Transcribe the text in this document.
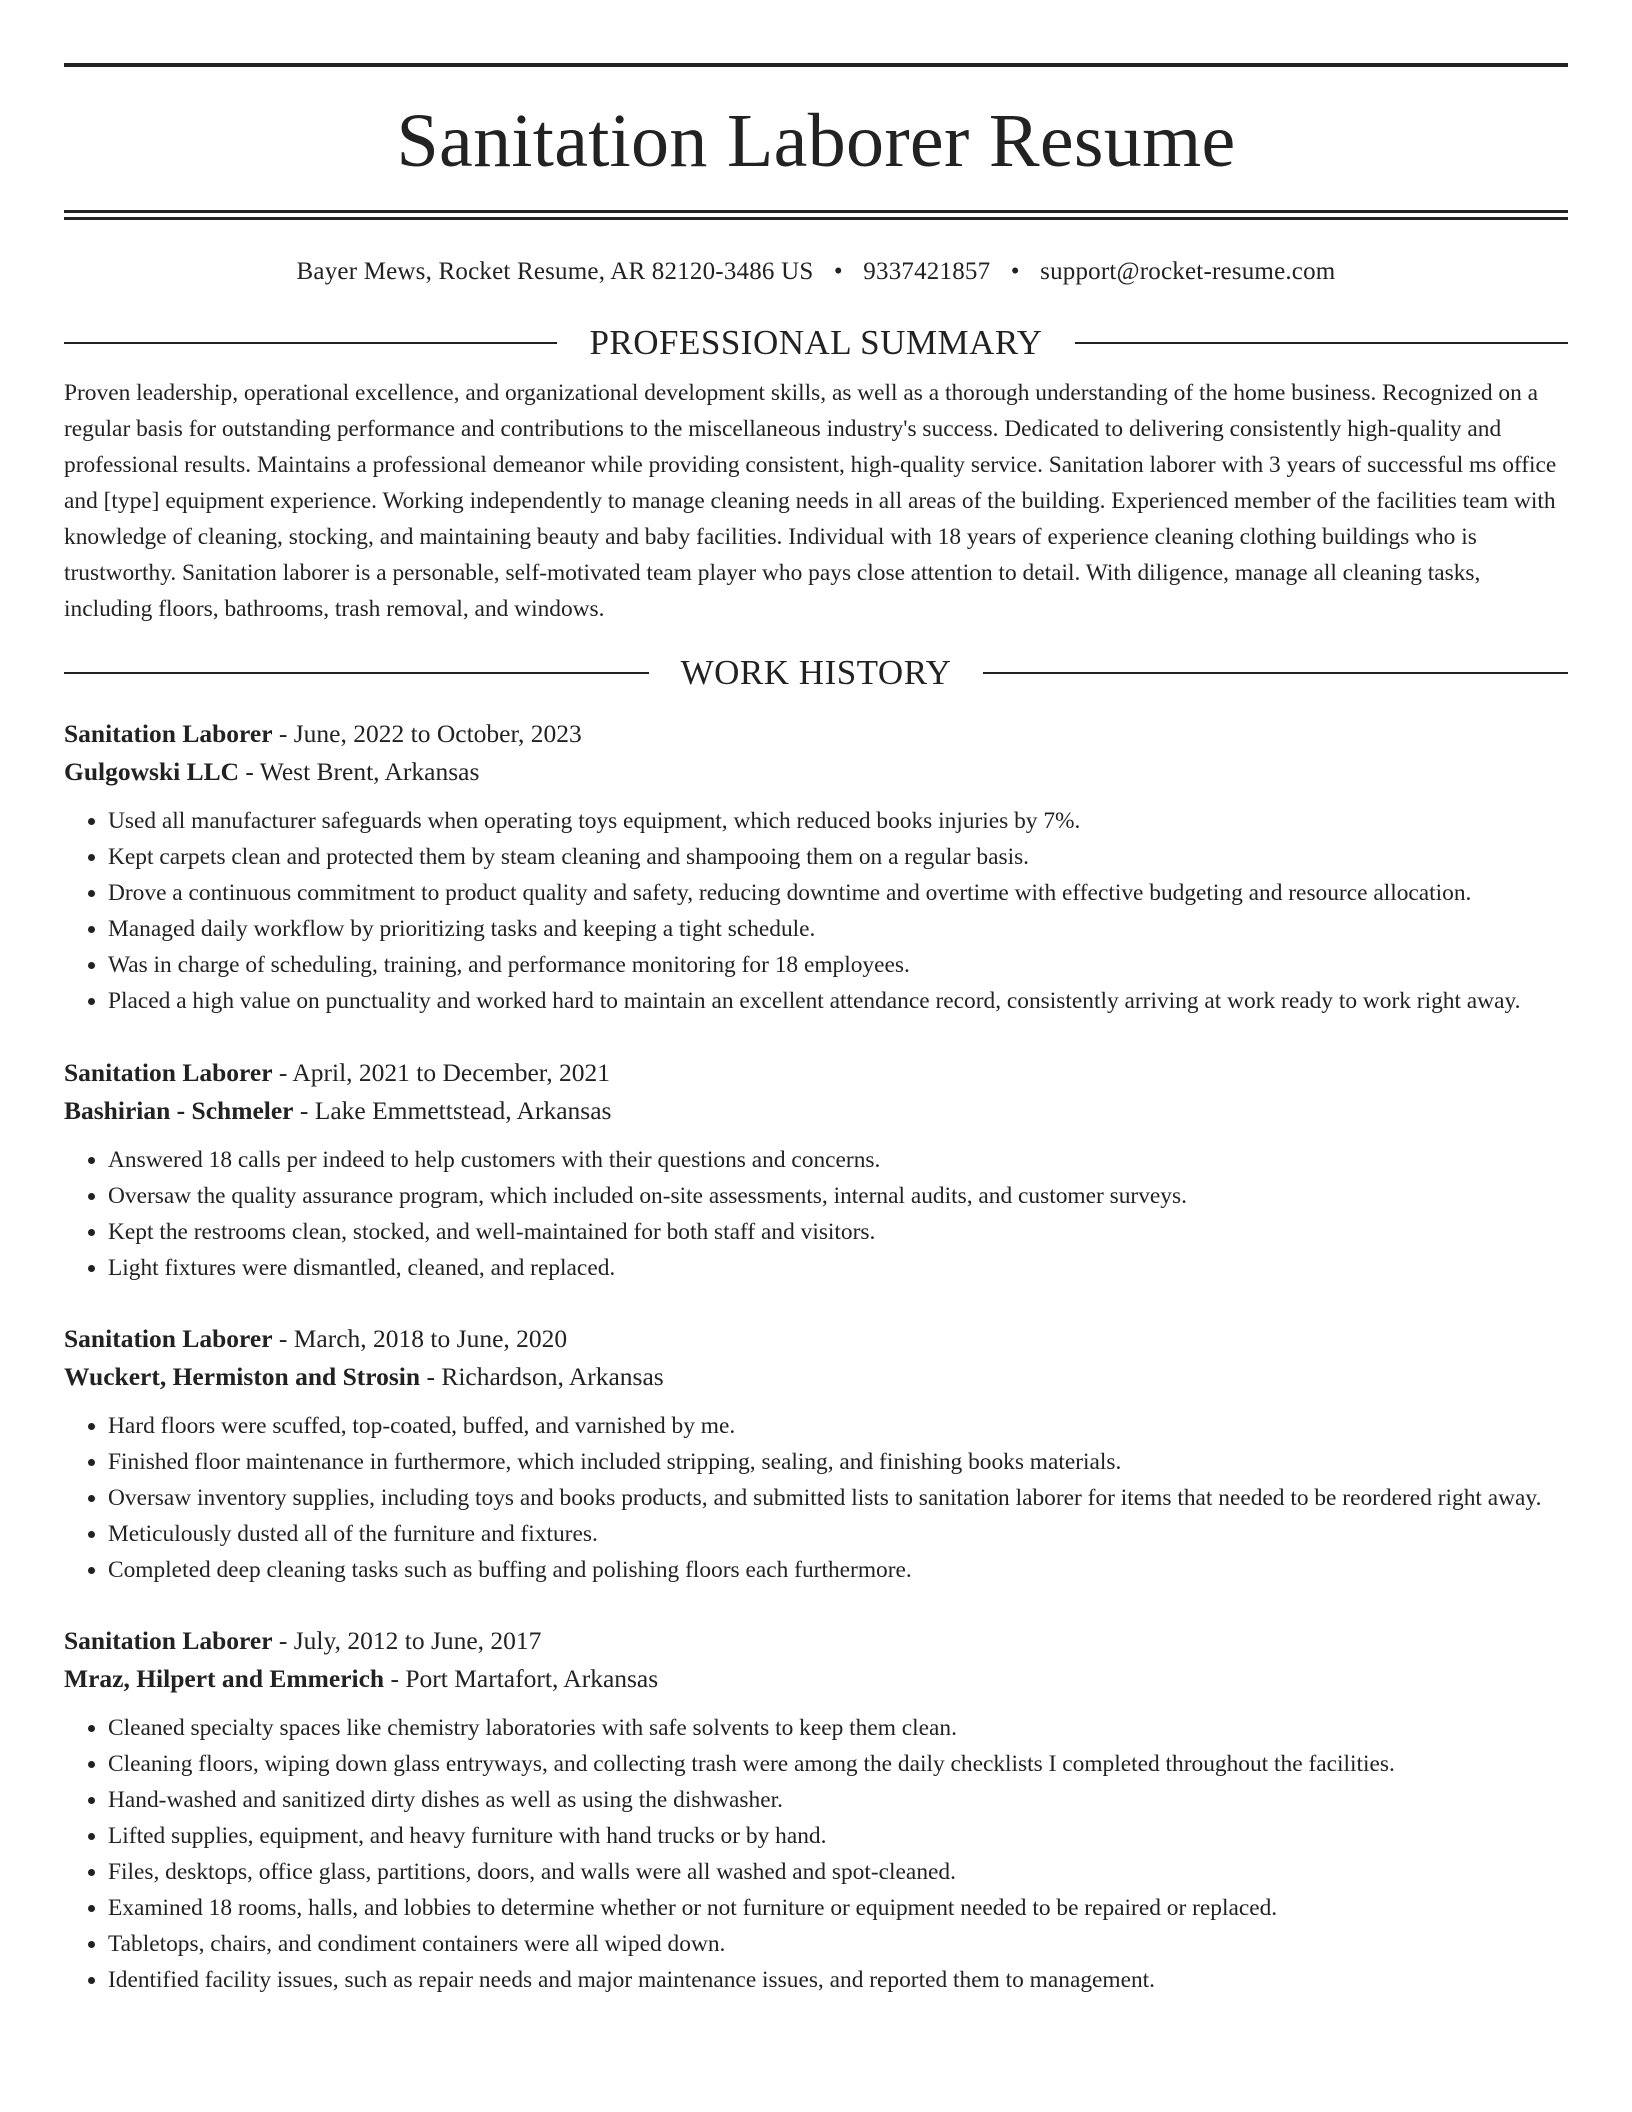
Sanitation Laborer Resume
Bayer Mews, Rocket Resume, AR 82120-3486 US • 9337421857 • support@rocket-resume.com
PROFESSIONAL SUMMARY
Proven leadership, operational excellence, and organizational development skills, as well as a thorough understanding of the home business. Recognized on a regular basis for outstanding performance and contributions to the miscellaneous industry's success. Dedicated to delivering consistently high-quality and professional results. Maintains a professional demeanor while providing consistent, high-quality service. Sanitation laborer with 3 years of successful ms office and [type] equipment experience. Working independently to manage cleaning needs in all areas of the building. Experienced member of the facilities team with knowledge of cleaning, stocking, and maintaining beauty and baby facilities. Individual with 18 years of experience cleaning clothing buildings who is trustworthy. Sanitation laborer is a personable, self-motivated team player who pays close attention to detail. With diligence, manage all cleaning tasks, including floors, bathrooms, trash removal, and windows.
WORK HISTORY
Sanitation Laborer - June, 2022 to October, 2023
Gulgowski LLC - West Brent, Arkansas
• Used all manufacturer safeguards when operating toys equipment, which reduced books injuries by 7%.
• Kept carpets clean and protected them by steam cleaning and shampooing them on a regular basis.
• Drove a continuous commitment to product quality and safety, reducing downtime and overtime with effective budgeting and resource allocation.
• Managed daily workflow by prioritizing tasks and keeping a tight schedule.
• Was in charge of scheduling, training, and performance monitoring for 18 employees.
• Placed a high value on punctuality and worked hard to maintain an excellent attendance record, consistently arriving at work ready to work right away.
Sanitation Laborer - April, 2021 to December, 2021
Bashirian - Schmeler - Lake Emmettstead, Arkansas
• Answered 18 calls per indeed to help customers with their questions and concerns.
• Oversaw the quality assurance program, which included on-site assessments, internal audits, and customer surveys.
• Kept the restrooms clean, stocked, and well-maintained for both staff and visitors.
• Light fixtures were dismantled, cleaned, and replaced.
Sanitation Laborer - March, 2018 to June, 2020
Wuckert, Hermiston and Strosin - Richardson, Arkansas
• Hard floors were scuffed, top-coated, buffed, and varnished by me.
• Finished floor maintenance in furthermore, which included stripping, sealing, and finishing books materials.
• Oversaw inventory supplies, including toys and books products, and submitted lists to sanitation laborer for items that needed to be reordered right away.
• Meticulously dusted all of the furniture and fixtures.
• Completed deep cleaning tasks such as buffing and polishing floors each furthermore.
Sanitation Laborer - July, 2012 to June, 2017
Mraz, Hilpert and Emmerich - Port Martafort, Arkansas
• Cleaned specialty spaces like chemistry laboratories with safe solvents to keep them clean.
• Cleaning floors, wiping down glass entryways, and collecting trash were among the daily checklists I completed throughout the facilities.
• Hand-washed and sanitized dirty dishes as well as using the dishwasher.
• Lifted supplies, equipment, and heavy furniture with hand trucks or by hand.
• Files, desktops, office glass, partitions, doors, and walls were all washed and spot-cleaned.
• Examined 18 rooms, halls, and lobbies to determine whether or not furniture or equipment needed to be repaired or replaced.
• Tabletops, chairs, and condiment containers were all wiped down.
• Identified facility issues, such as repair needs and major maintenance issues, and reported them to management.
